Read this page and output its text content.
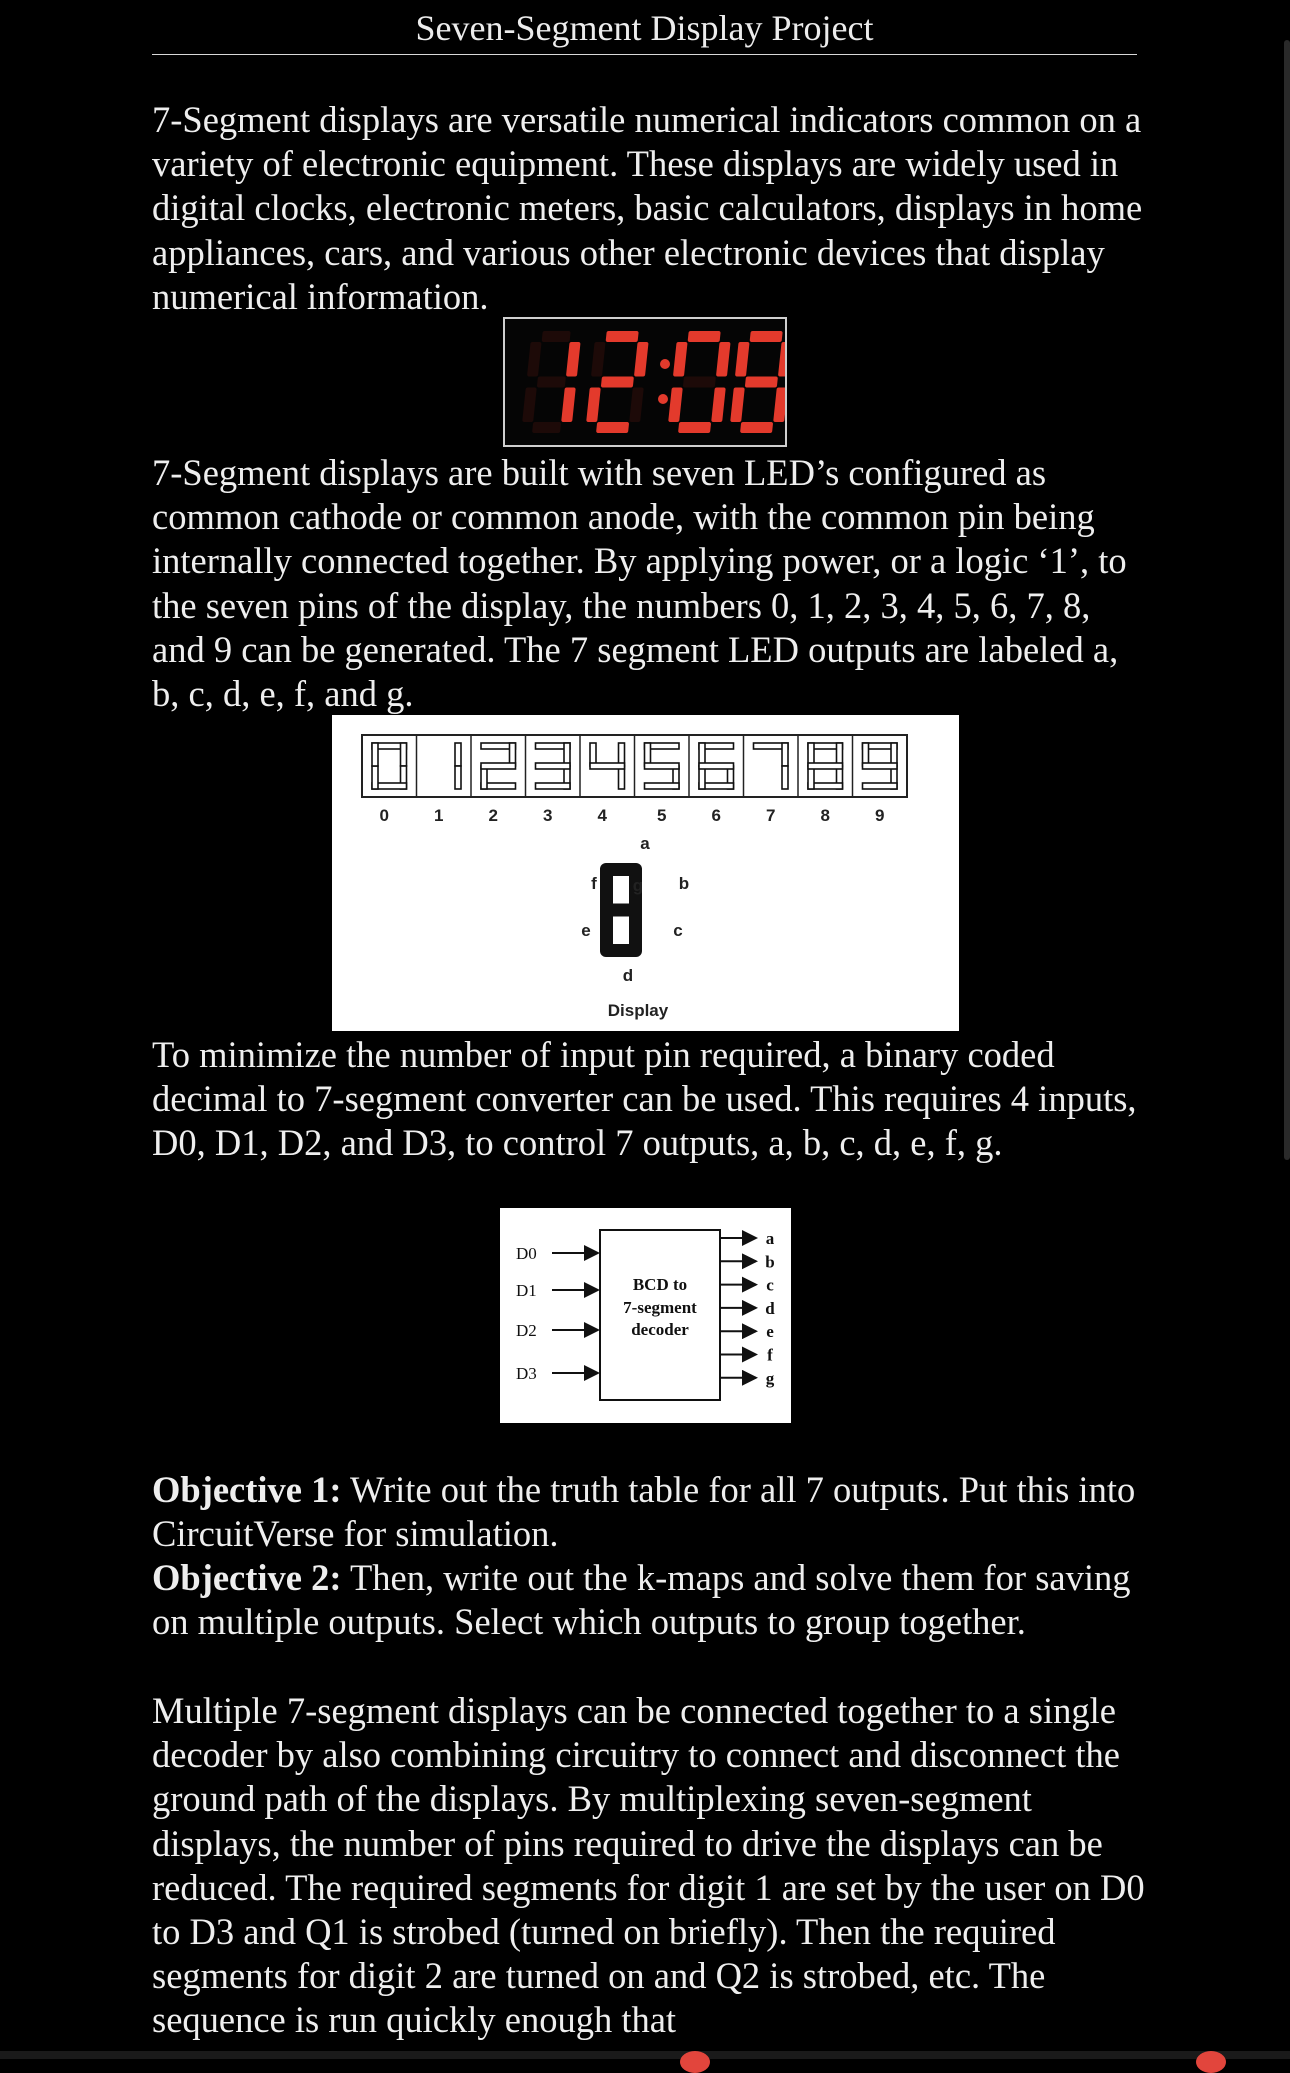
Seven-Segment Display Project

7-Segment displays are versatile numerical indicators common on a variety of electronic equipment. These displays are widely used in digital clocks, electronic meters, basic calculators, displays in home appliances, cars, and various other electronic devices that display numerical information.

7-Segment displays are built with seven LED’s configured as common cathode or common anode, with the common pin being internally connected together. By applying power, or a logic ‘1’, to the seven pins of the display, the numbers 0, 1, 2, 3, 4, 5, 6, 7, 8, and 9 can be generated. The 7 segment LED outputs are labeled a, b, c, d, e, f, and g.

0	1	2	3	4	5	6	7	8	9
a
b
c
d
e
f g
Display

To minimize the number of input pin required, a binary coded decimal to 7-segment converter can be used. This requires 4 inputs, D0, D1, D2, and D3, to control 7 outputs, a, b, c, d, e, f, g.

BCD to
7-segment
decoder
D0
D1
D2
D3
a
b
c
d
e
f
g

Objective 1: Write out the truth table for all 7 outputs. Put this into CircuitVerse for simulation.

Objective 2: Then, write out the k-maps and solve them for saving on multiple outputs. Select which outputs to group together.

Multiple 7-segment displays can be connected together to a single decoder by also combining circuitry to connect and disconnect the ground path of the displays. By multiplexing seven-segment displays, the number of pins required to drive the displays can be reduced. The required segments for digit 1 are set by the user on D0 to D3 and Q1 is strobed (turned on briefly). Then the required segments for digit 2 are turned on and Q2 is strobed, etc. The sequence is run quickly enough that
